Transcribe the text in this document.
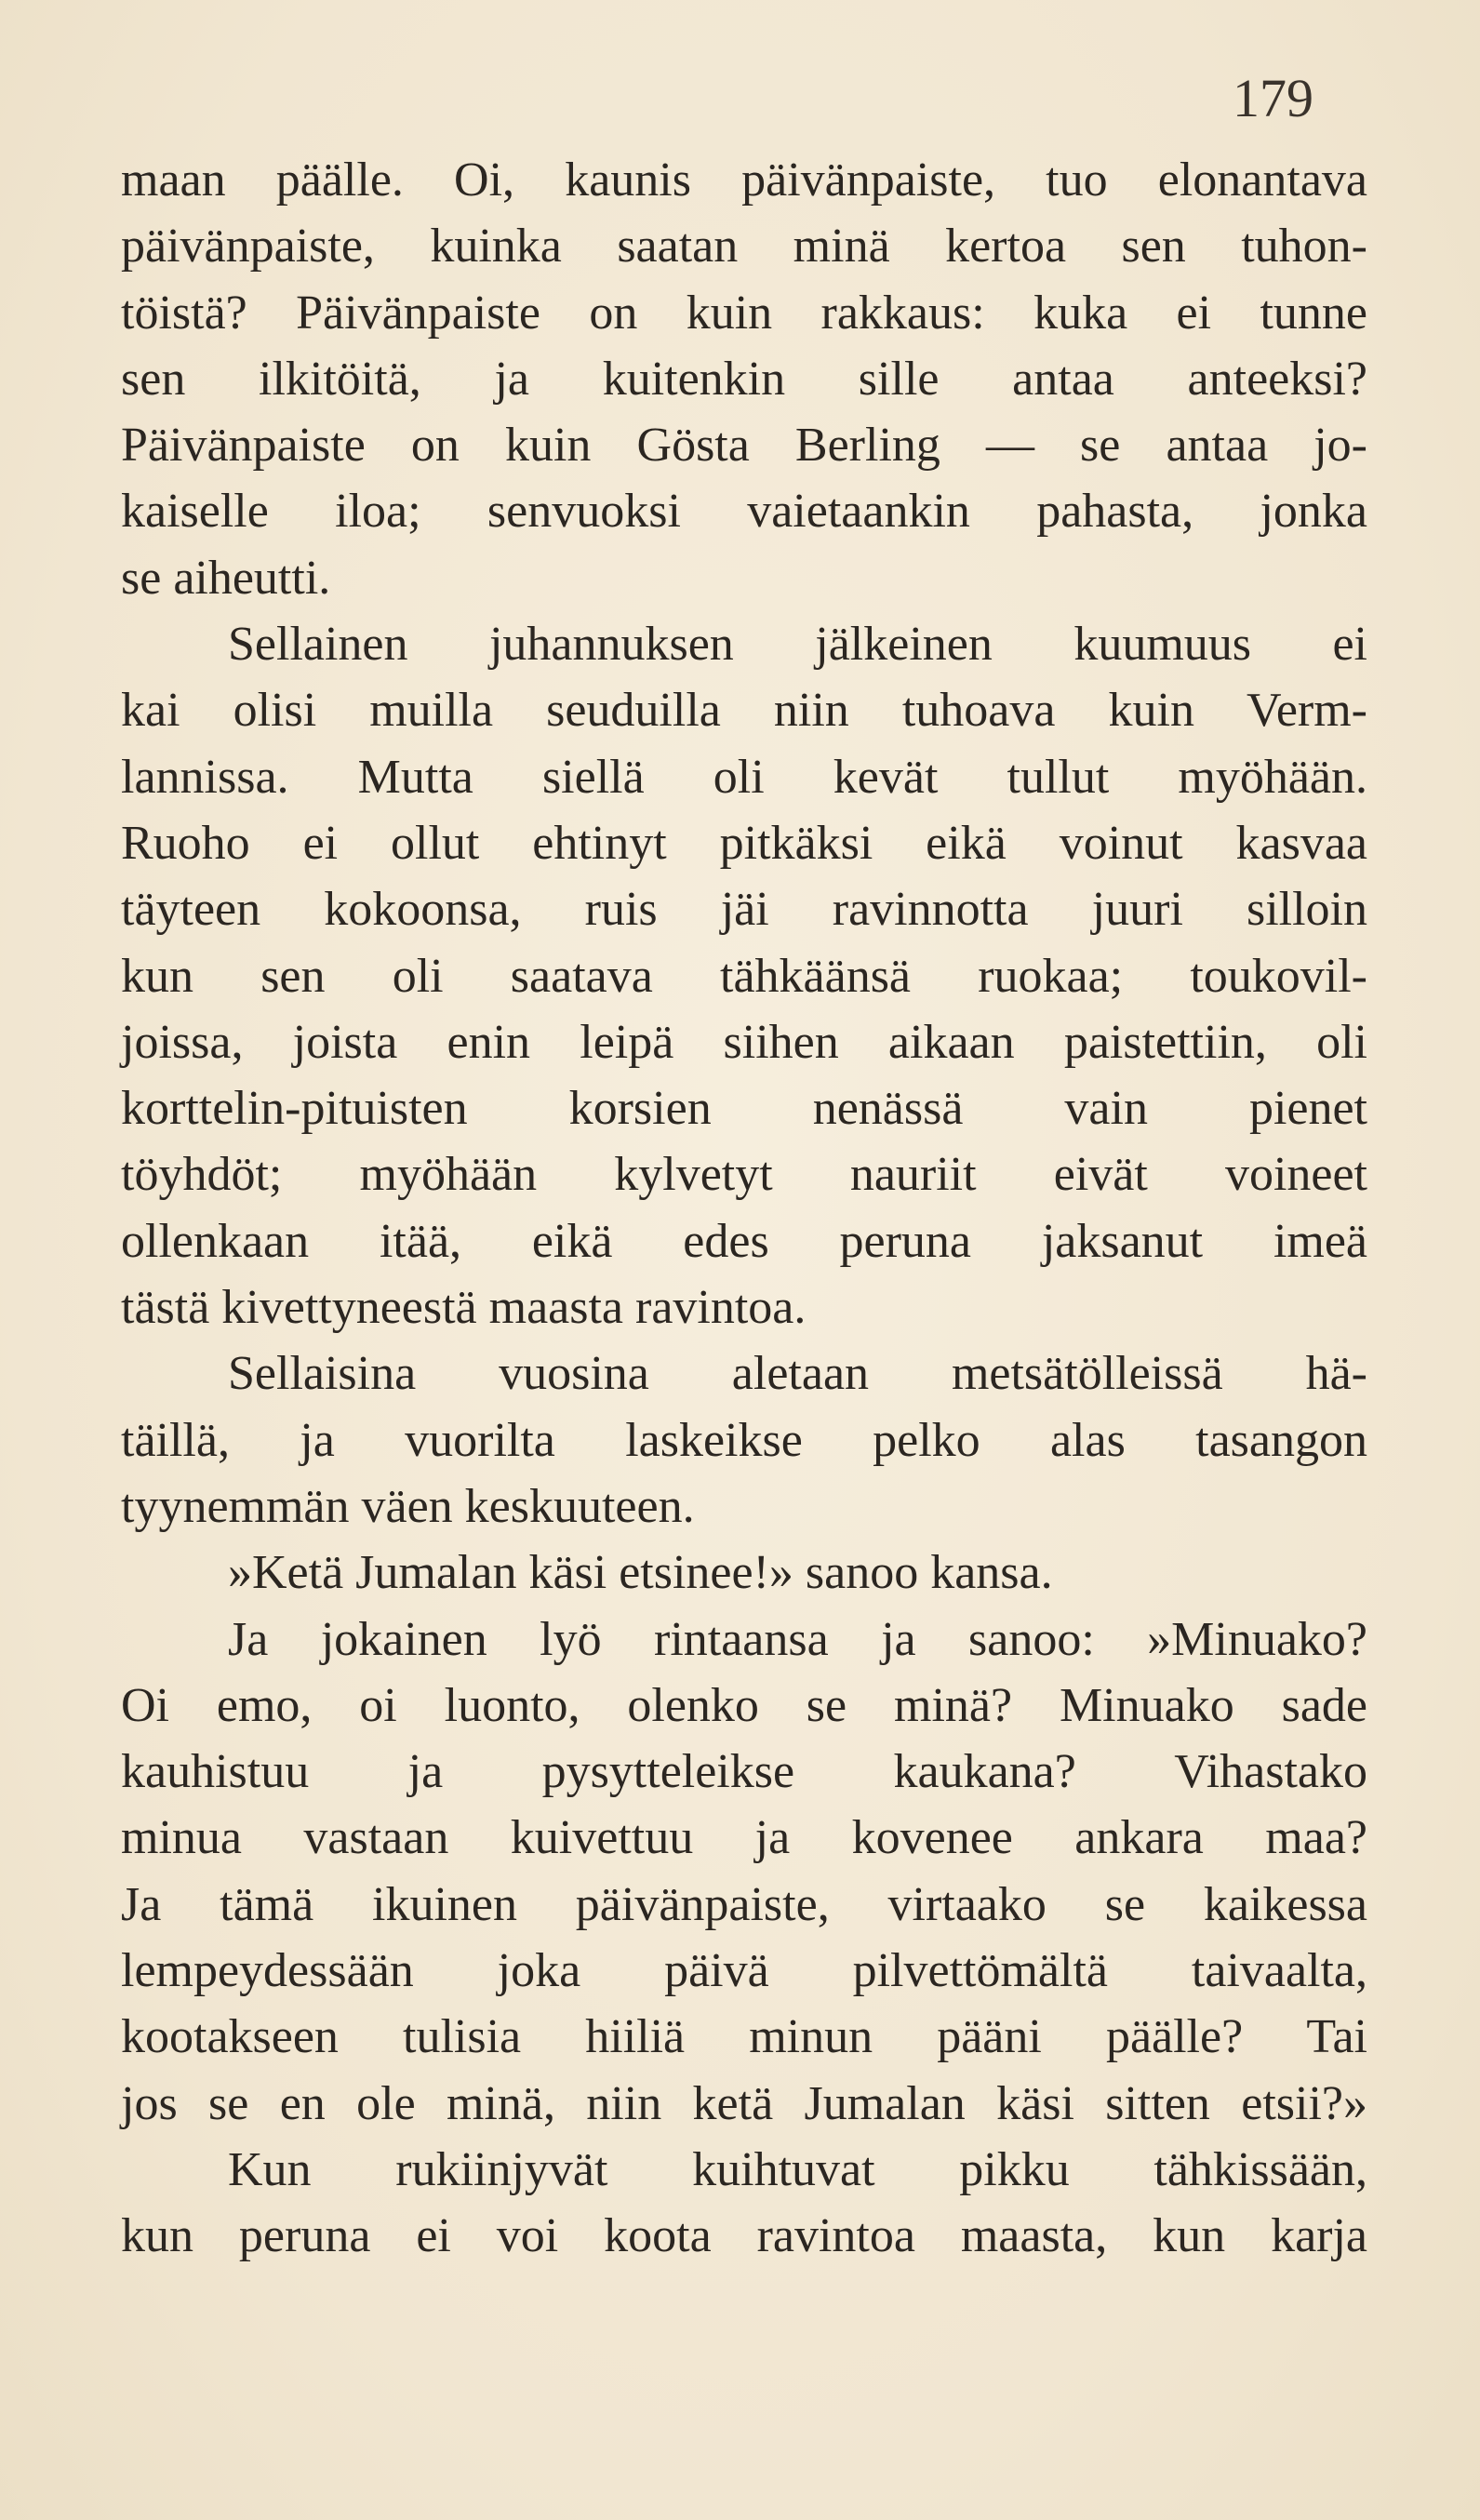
179
maan päälle. Oi, kaunis päivänpaiste, tuo elonantava
päivänpaiste, kuinka saatan minä kertoa sen tuhon-
töistä? Päivänpaiste on kuin rakkaus: kuka ei tunne
sen ilkitöitä, ja kuitenkin sille antaa anteeksi?
Päivänpaiste on kuin Gösta Berling — se antaa jo-
kaiselle iloa; senvuoksi vaietaankin pahasta, jonka
se aiheutti.
Sellainen juhannuksen jälkeinen kuumuus ei
kai olisi muilla seuduilla niin tuhoava kuin Verm-
lannissa. Mutta siellä oli kevät tullut myöhään.
Ruoho ei ollut ehtinyt pitkäksi eikä voinut kasvaa
täyteen kokoonsa, ruis jäi ravinnotta juuri silloin
kun sen oli saatava tähkäänsä ruokaa; toukovil-
joissa, joista enin leipä siihen aikaan paistettiin, oli
korttelin-pituisten korsien nenässä vain pienet
töyhdöt; myöhään kylvetyt nauriit eivät voineet
ollenkaan itää, eikä edes peruna jaksanut imeä
tästä kivettyneestä maasta ravintoa.
Sellaisina vuosina aletaan metsätölleissä hä-
täillä, ja vuorilta laskeikse pelko alas tasangon
tyynemmän väen keskuuteen.
»Ketä Jumalan käsi etsinee!» sanoo kansa.
Ja jokainen lyö rintaansa ja sanoo: »Minuako?
Oi emo, oi luonto, olenko se minä? Minuako sade
kauhistuu ja pysytteleikse kaukana? Vihastako
minua vastaan kuivettuu ja kovenee ankara maa?
Ja tämä ikuinen päivänpaiste, virtaako se kaikessa
lempeydessään joka päivä pilvettömältä taivaalta,
kootakseen tulisia hiiliä minun pääni päälle? Tai
jos se en ole minä, niin ketä Jumalan käsi sitten etsii?»
Kun rukiinjyvät kuihtuvat pikku tähkissään,
kun peruna ei voi koota ravintoa maasta, kun karja
